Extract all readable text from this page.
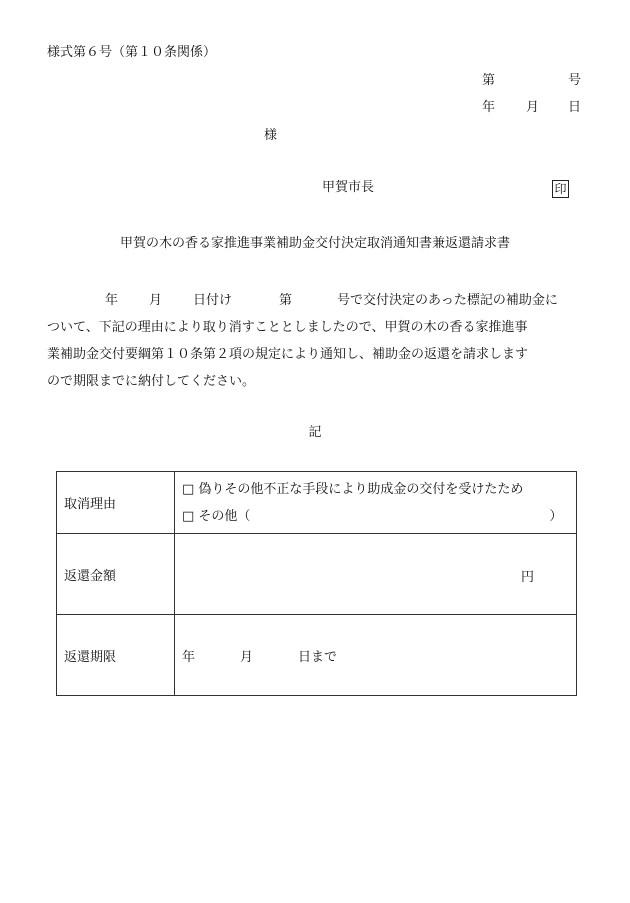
様式第６号（第１０条関係）
第	号
年 月 日
様
甲賀市長	印
甲賀の木の香る家推進事業補助金交付決定取消通知書兼返還請求書
年 月 日付け	第	号で交付決定のあった標記の補助金に
ついて、下記の理由により取り消すこととしましたので、甲賀の木の香る家推進事
業補助金交付要綱第１０条第２項の規定により通知し、補助金の返還を請求します
ので期限までに納付してください。
記
取消理由	□ 偽りその他不正な手段により助成金の交付を受けたため
□ その他（　　　　　　　　　　　　　　　　　　　　　　　）

返還金額	円

返還期限	年 月 日まで
